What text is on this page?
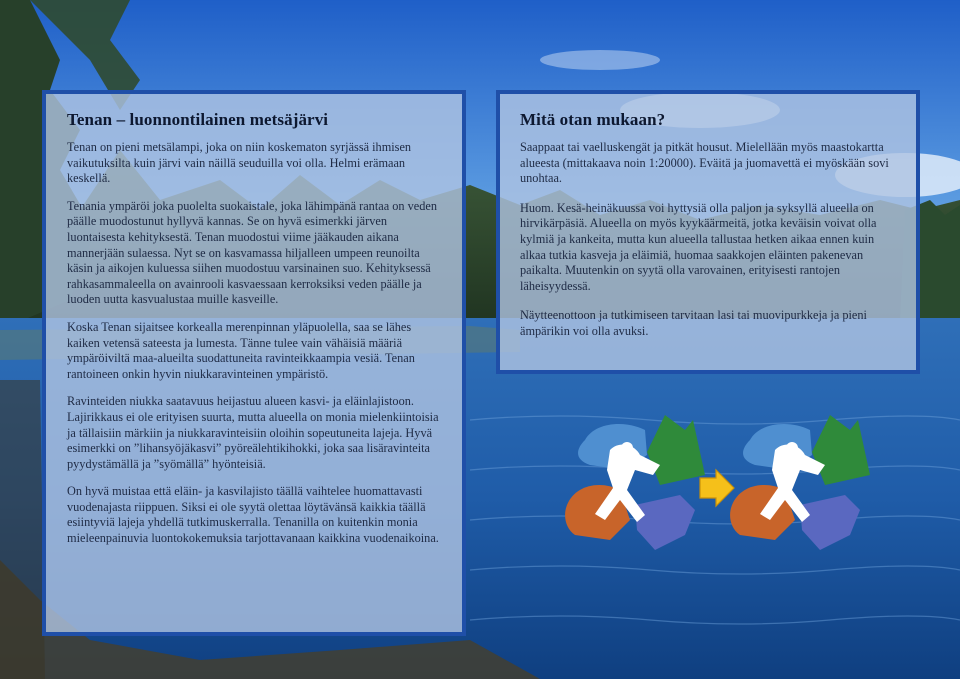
Tenan – luonnontilainen metsäjärvi

Tenan on pieni metsälampi, joka on niin koskematon syrjässä ihmisen vaikutuksilta kuin järvi vain näillä seuduilla voi olla. Helmi erämaan keskellä.

Tenania ympäröi joka puolelta suokaistale, joka lähimpänä rantaa on veden päälle muodostunut hyllyvä kannas. Se on hyvä esimerkki järven luontaisesta kehityksestä. Tenan muodostui viime jääkauden aikana mannerjään sulaessa. Nyt se on kasvamassa hiljalleen umpeen reunoilta käsin ja aikojen kuluessa siihen muodostuu varsinainen suo. Kehityksessä rahkasammaleella on avainrooli kasvaessaan kerroksiksi veden päälle ja luoden uutta kasvualustaa muille kasveille.

Koska Tenan sijaitsee korkealla merenpinnan yläpuolella, saa se lähes kaiken vetensä sateesta ja lumesta. Tänne tulee vain vähäisiä määriä ympäröiviltä maa-alueilta suodattuneita ravinteikkaampia vesiä. Tenan rantoineen onkin hyvin niukkaravinteinen ympäristö.

Ravinteiden niukka saatavuus heijastuu alueen kasvi- ja eläinlajistoon. Lajirikkaus ei ole erityisen suurta, mutta alueella on monia mielenkiintoisia ja tällaisiin märkiin ja niukkaravinteisiin oloihin sopeutuneita lajeja. Hyvä esimerkki on ”lihansyöjäkasvi” pyöreälehtikihokki, joka saa lisäravinteita pyydystämällä ja ”syömällä” hyönteisiä.

On hyvä muistaa että eläin- ja kasvilajisto täällä vaihtelee huomattavasti vuodenajasta riippuen. Siksi ei ole syytä olettaa löytävänsä kaikkia täällä esiintyviä lajeja yhdellä tutkimuskerralla. Tenanilla on kuitenkin monia mieleenpainuvia luontokokemuksia tarjottavanaan kaikkina vuodenaikoina.

Mitä otan mukaan?

Saappaat tai vaelluskengät ja pitkät housut. Mielellään myös maastokartta alueesta (mittakaava noin 1:20000). Eväitä ja juomavettä ei myöskään sovi unohtaa.

Huom. Kesä-heinäkuussa voi hyttysiä olla paljon ja syksyllä alueella on hirvikärpäsiä. Alueella on myös kyykäärmeitä, jotka keväisin voivat olla kylmiä ja kankeita, mutta kun alueella tallustaa hetken aikaa ennen kuin alkaa tutkia kasveja ja eläimiä, huomaa saakkojen eläinten pakenevan paikalta. Muutenkin on syytä olla varovainen, erityisesti rantojen läheisyydessä.

Näytteenottoon ja tutkimiseen tarvitaan lasi tai muovipurkkeja ja pieni ämpärikin voi olla avuksi.
